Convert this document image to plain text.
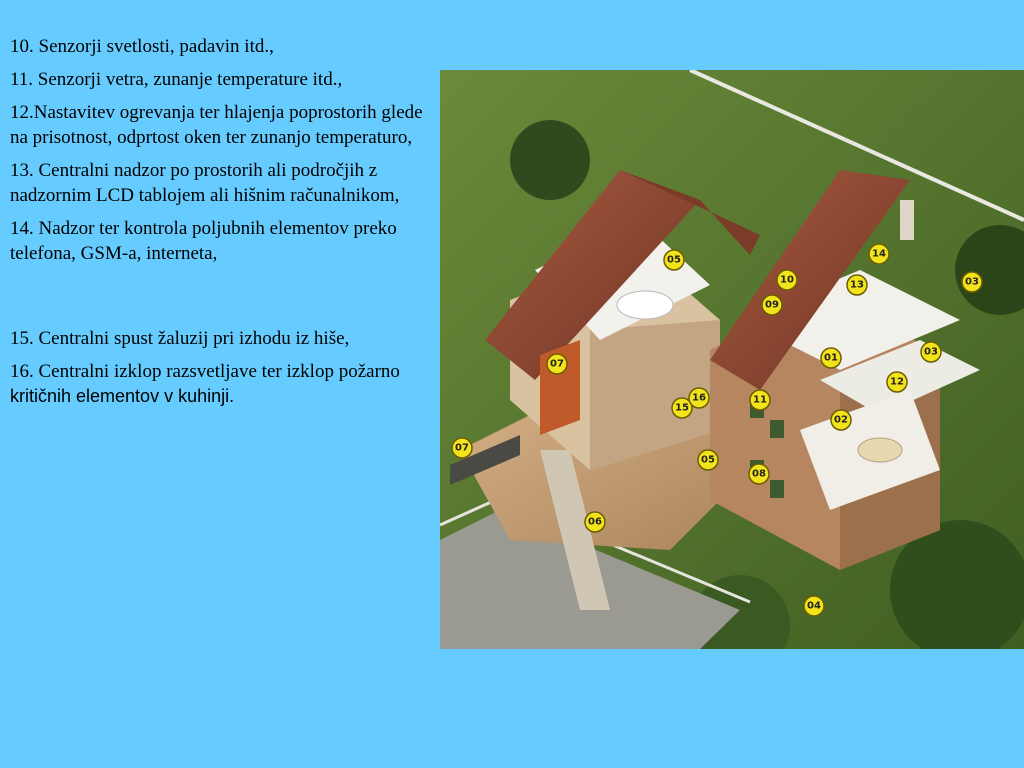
10. Senzorji svetlosti, padavin itd.,

11. Senzorji vetra, zunanje temperature itd.,

12.Nastavitev ogrevanja ter hlajenja poprostorih glede na prisotnost, odprtost oken ter zunanjo temperaturo,

13. Centralni nadzor po prostorih ali področjih z nadzornim LCD tablojem ali hišnim računalnikom,

14. Nadzor ter kontrola poljubnih elementov preko telefona, GSM-a, interneta,

15. Centralni spust žaluzij pri izhodu iz hiše,

16. Centralni izklop razsvetljave ter izklop požarno kritičnih elementov v kuhinji.

01
02
03
03
04
05
05
06
07
07
08
09
10
11
12
13
14
15
16
